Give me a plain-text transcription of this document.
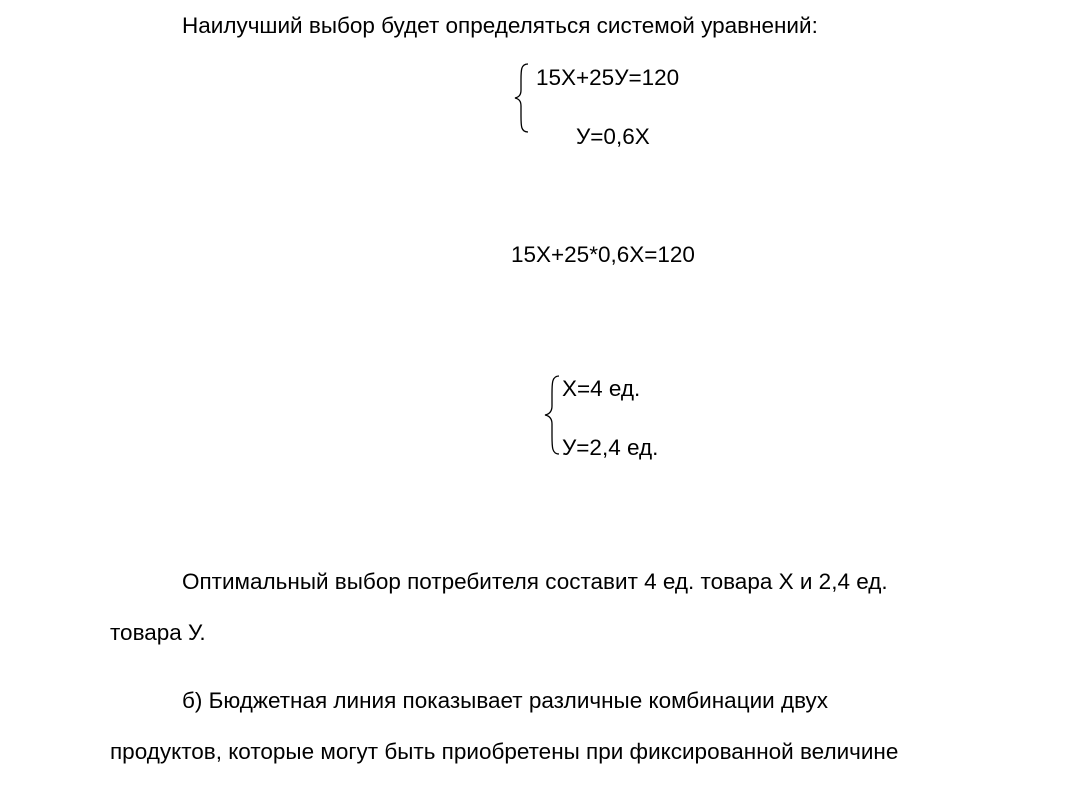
Наилучший выбор будет определяться системой уравнений:
15Х+25У=120
У=0,6Х
15Х+25*0,6Х=120
Х=4 ед.
У=2,4 ед.
Оптимальный выбор потребителя составит 4 ед. товара Х и 2,4 ед.
товара У.
б) Бюджетная линия показывает различные комбинации двух
продуктов, которые могут быть приобретены при фиксированной величине
